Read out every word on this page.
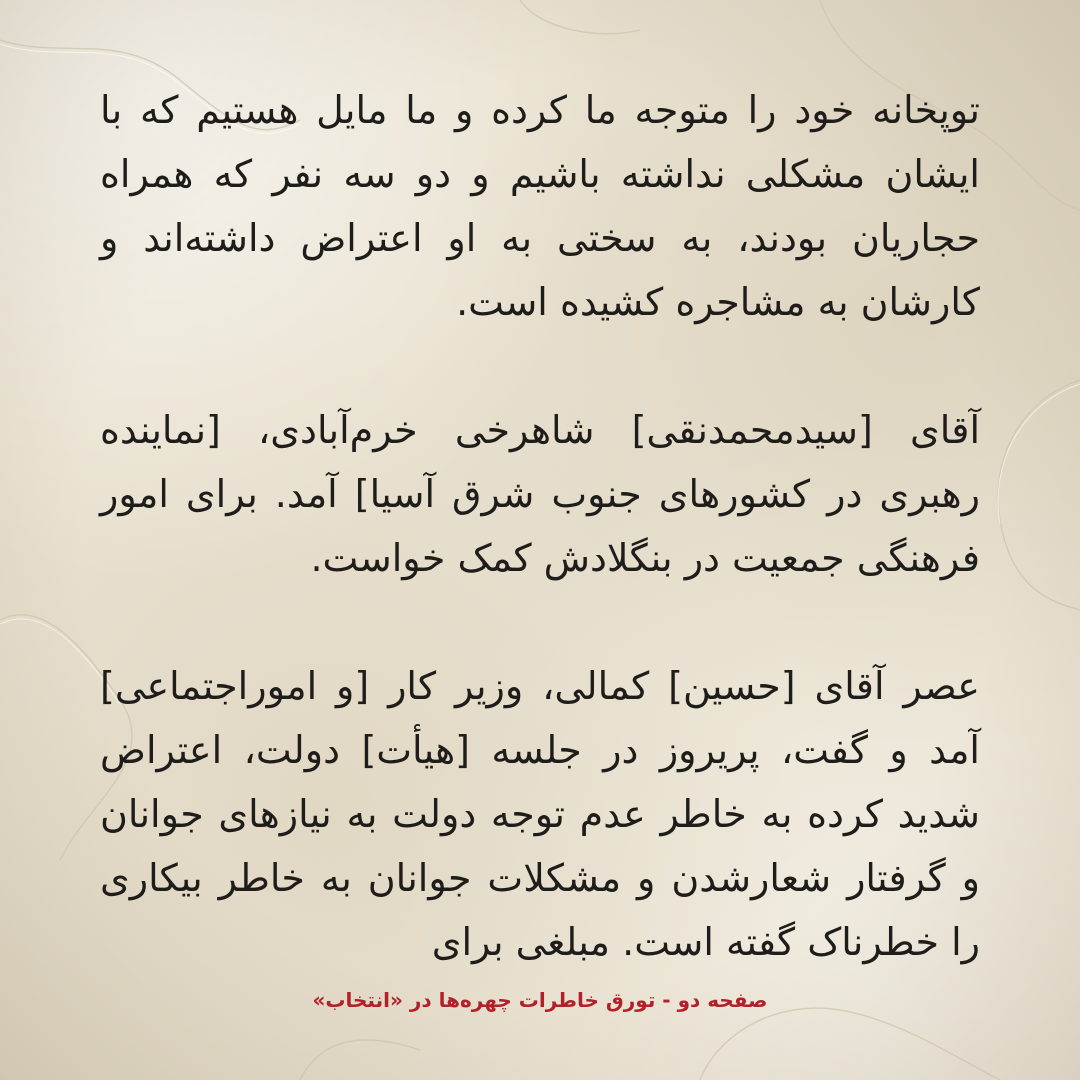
توپخانه خود را متوجه ما کرده و ما مایل هستیم که با ایشان مشکلی نداشته باشیم و دو سه نفر که همراه حجاریان بودند، به سختی به او اعتراض داشته‌اند و کارشان به مشاجره کشیده است.

آقای [سیدمحمدنقی] شاهرخی خرم‌آبادی، [نماینده رهبری در کشورهای جنوب شرق آسیا] آمد. برای امور فرهنگی جمعیت در بنگلادش کمک خواست.

عصر آقای [حسین] کمالی، وزیر کار [و اموراجتماعی] آمد و گفت، پریروز در جلسه [هیأت] دولت، اعتراض شدید کرده به خاطر عدم توجه دولت به نیازهای جوانان و گرفتار شعارشدن و مشکلات جوانان به خاطر بیکاری را خطرناک گفته است. مبلغی برای

صفحه دو - تورق خاطرات چهره‌ها در «انتخاب»
